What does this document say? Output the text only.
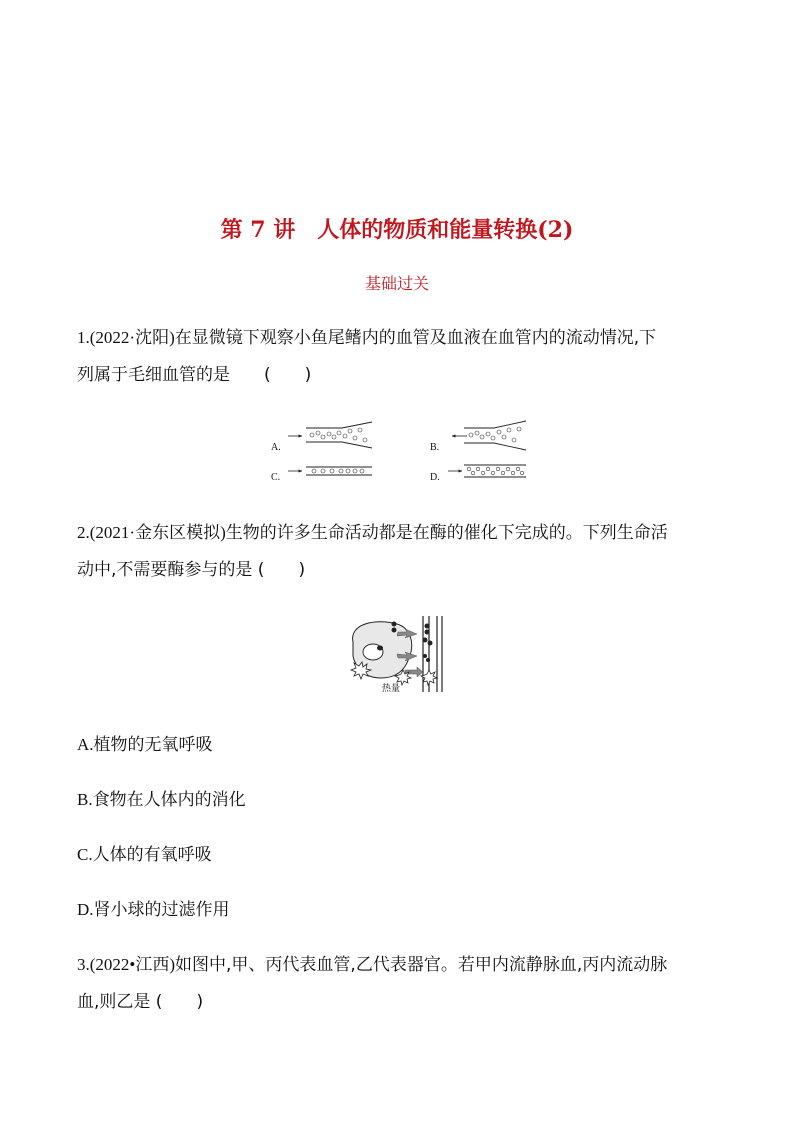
第 7 讲　人体的物质和能量转换(2)
基础过关
1.(2022·沈阳)在显微镜下观察小鱼尾鳍内的血管及血液在血管内的流动情况,下
列属于毛细血管的是　　(　　)
A.	B.
C.	D.
2.(2021·金东区模拟)生物的许多生命活动都是在酶的催化下完成的。下列生命活
动中,不需要酶参与的是 (　　)
热量
A.植物的无氧呼吸
B.食物在人体内的消化
C.人体的有氧呼吸
D.肾小球的过滤作用
3.(2022•江西)如图中,甲、丙代表血管,乙代表器官。若甲内流静脉血,丙内流动脉
血,则乙是 (　　)
